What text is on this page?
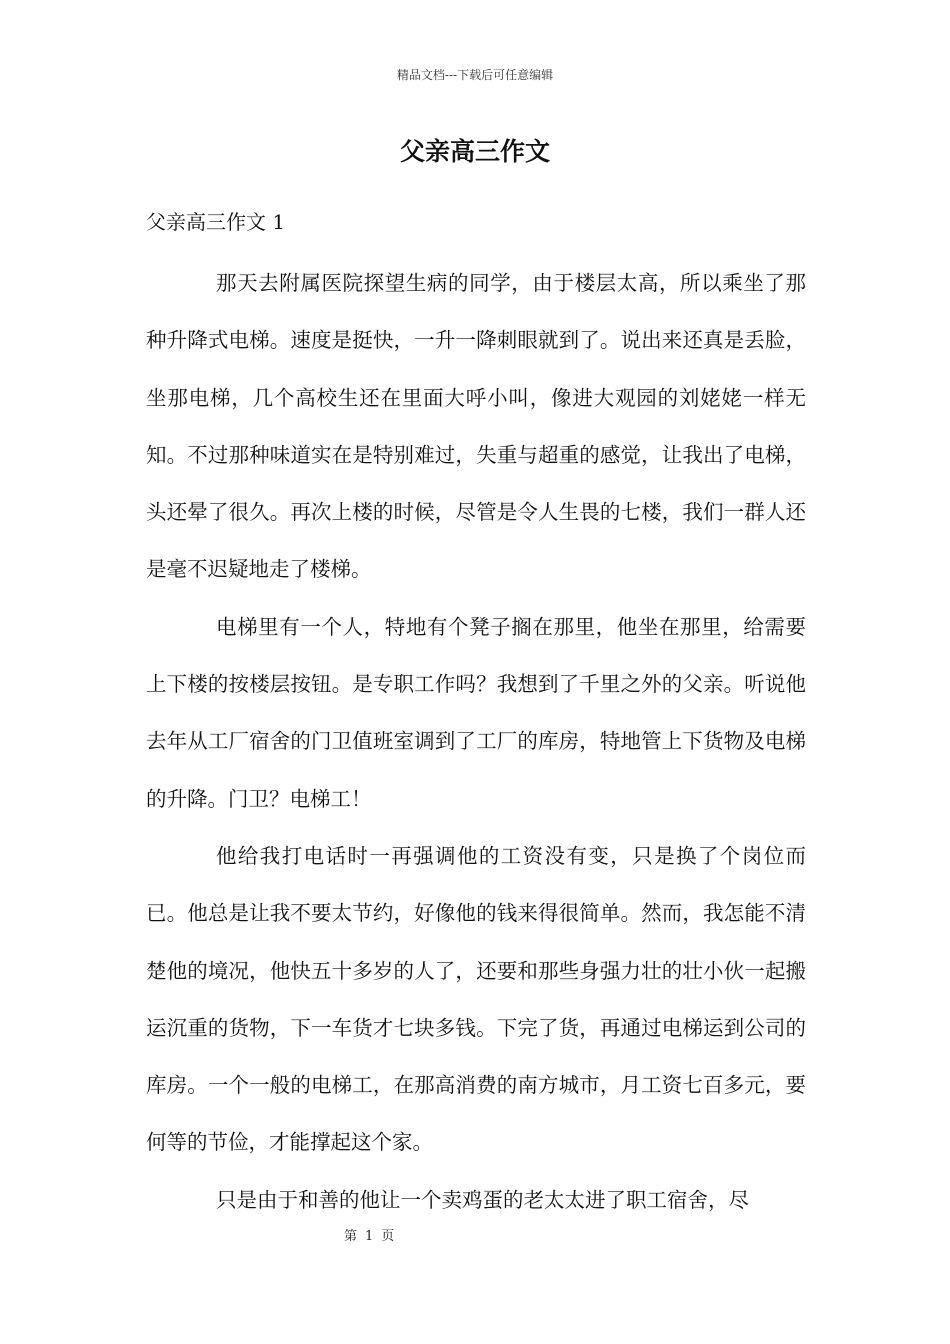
精品文档---下载后可任意编辑
父亲高三作文
父亲高三作文 1

那天去附属医院探望生病的同学，由于楼层太高，所以乘坐了那种升降式电梯。速度是挺快，一升一降刺眼就到了。说出来还真是丢脸，坐那电梯，几个高校生还在里面大呼小叫，像进大观园的刘姥姥一样无知。不过那种味道实在是特别难过，失重与超重的感觉，让我出了电梯，头还晕了很久。再次上楼的时候，尽管是令人生畏的七楼，我们一群人还是毫不迟疑地走了楼梯。

电梯里有一个人，特地有个凳子搁在那里，他坐在那里，给需要上下楼的按楼层按钮。是专职工作吗？我想到了千里之外的父亲。听说他去年从工厂宿舍的门卫值班室调到了工厂的库房，特地管上下货物及电梯的升降。门卫？电梯工！

他给我打电话时一再强调他的工资没有变，只是换了个岗位而已。他总是让我不要太节约，好像他的钱来得很简单。然而，我怎能不清楚他的境况，他快五十多岁的人了，还要和那些身强力壮的壮小伙一起搬运沉重的货物，下一车货才七块多钱。下完了货，再通过电梯运到公司的库房。一个一般的电梯工，在那高消费的南方城市，月工资七百多元，要何等的节俭，才能撑起这个家。

只是由于和善的他让一个卖鸡蛋的老太太进了职工宿舍，尽

第 1 页
